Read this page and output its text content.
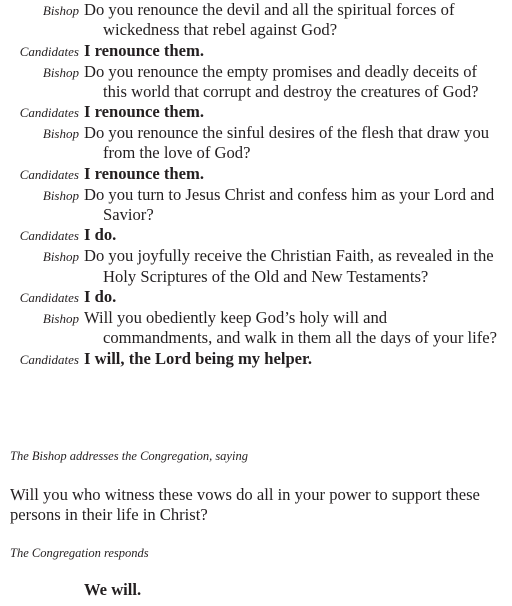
Bishop Do you renounce the devil and all the spiritual forces of wickedness that rebel against God?
Candidates I renounce them.
Bishop Do you renounce the empty promises and deadly deceits of this world that corrupt and destroy the creatures of God?
Candidates I renounce them.
Bishop Do you renounce the sinful desires of the flesh that draw you from the love of God?
Candidates I renounce them.
Bishop Do you turn to Jesus Christ and confess him as your Lord and Savior?
Candidates I do.
Bishop Do you joyfully receive the Christian Faith, as revealed in the Holy Scriptures of the Old and New Testaments?
Candidates I do.
Bishop Will you obediently keep God’s holy will and commandments, and walk in them all the days of your life?
Candidates I will, the Lord being my helper.
The Bishop addresses the Congregation, saying
Will you who witness these vows do all in your power to support these persons in their life in Christ?
The Congregation responds
We will.
